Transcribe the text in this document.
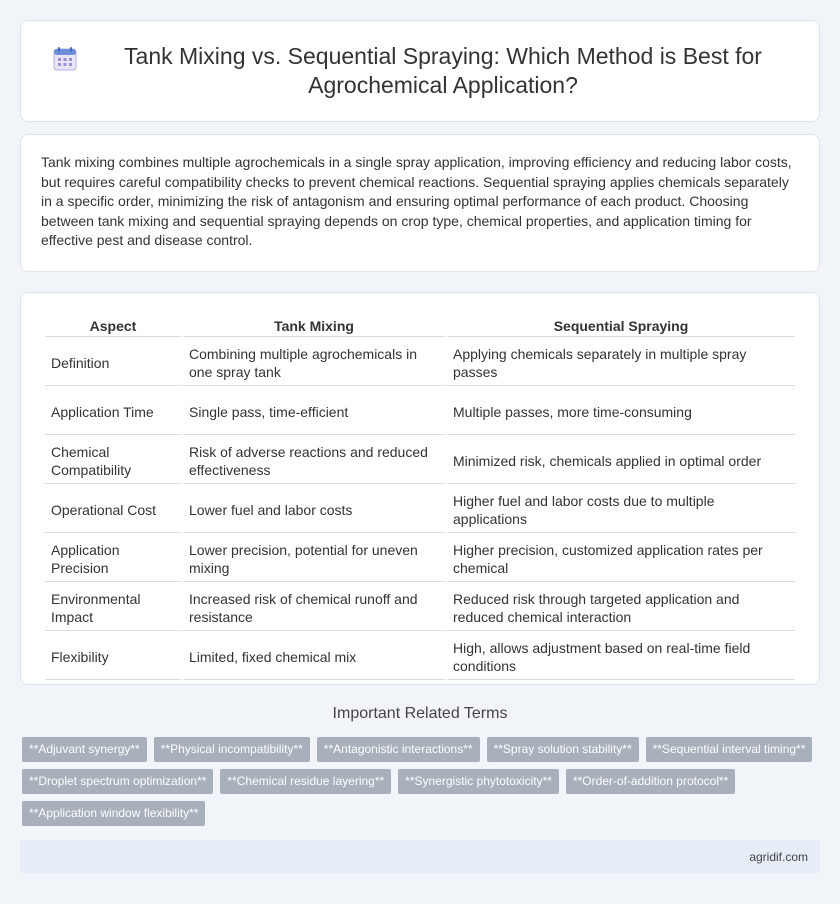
Tank Mixing vs. Sequential Spraying: Which Method is Best for Agrochemical Application?

Tank mixing combines multiple agrochemicals in a single spray application, improving efficiency and reducing labor costs, but requires careful compatibility checks to prevent chemical reactions. Sequential spraying applies chemicals separately in a specific order, minimizing the risk of antagonism and ensuring optimal performance of each product. Choosing between tank mixing and sequential spraying depends on crop type, chemical properties, and application timing for effective pest and disease control.

Aspect	Tank Mixing	Sequential Spraying
Definition	Combining multiple agrochemicals in one spray tank	Applying chemicals separately in multiple spray passes
Application Time	Single pass, time-efficient	Multiple passes, more time-consuming
Chemical Compatibility	Risk of adverse reactions and reduced effectiveness	Minimized risk, chemicals applied in optimal order
Operational Cost	Lower fuel and labor costs	Higher fuel and labor costs due to multiple applications
Application Precision	Lower precision, potential for uneven mixing	Higher precision, customized application rates per chemical
Environmental Impact	Increased risk of chemical runoff and resistance	Reduced risk through targeted application and reduced chemical interaction
Flexibility	Limited, fixed chemical mix	High, allows adjustment based on real-time field conditions
Important Related Terms
**Adjuvant synergy**	**Physical incompatibility**	**Antagonistic interactions**	**Spray solution stability**	**Sequential interval timing**
**Droplet spectrum optimization**	**Chemical residue layering**	**Synergistic phytotoxicity**	**Order-of-addition protocol**
**Application window flexibility**
agridif.com
